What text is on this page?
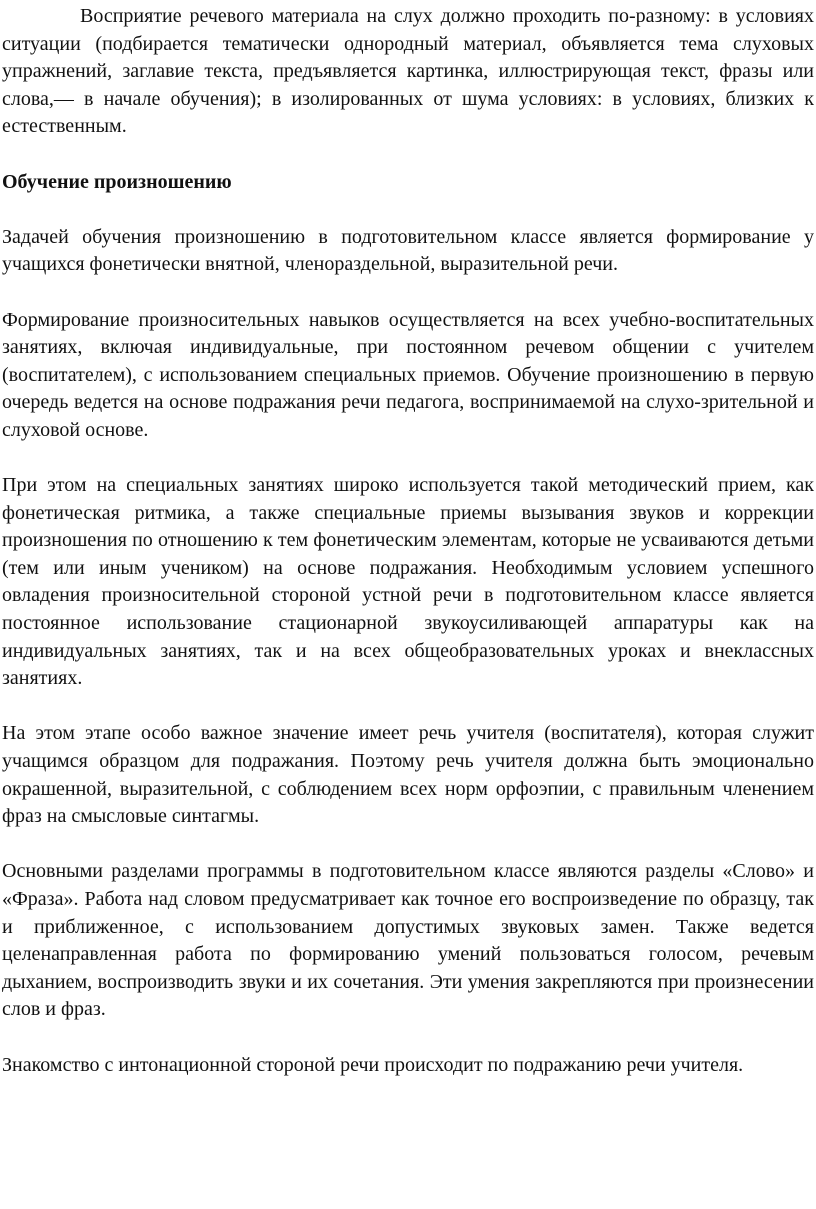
Восприятие речевого материала на слух должно проходить по-разному: в условиях ситуации (подбирается тематически однородный материал, объявляется тема слуховых упражнений, заглавие текста, предъявляется картинка, иллюстрирующая текст, фразы или слова,— в начале обучения); в изолированных от шума условиях: в условиях, близких к естественным.

Обучение произношению

Задачей обучения произношению в подготовительном классе является формирование у учащихся фонетически внятной, членораздельной, выразительной речи.

Формирование произносительных навыков осуществляется на всех учебно-воспитательных занятиях, включая индивидуальные, при постоянном речевом общении с учителем (воспитателем), с использованием специальных приемов. Обучение произношению в первую очередь ведется на основе подражания речи педагога, воспринимаемой на слухо-зрительной и слуховой основе.

При этом на специальных занятиях широко используется такой методический прием, как фонетическая ритмика, а также специальные приемы вызывания звуков и коррекции произношения по отношению к тем фонетическим элементам, которые не усваиваются детьми (тем или иным учеником) на основе подражания. Необходимым условием успешного овладения произносительной стороной устной речи в подготовительном классе является постоянное использование стационарной звукоусиливающей аппаратуры как на индивидуальных занятиях, так и на всех общеобразовательных уроках и внеклассных занятиях.

На этом этапе особо важное значение имеет речь учителя (воспитателя), которая служит учащимся образцом для подражания. Поэтому речь учителя должна быть эмоционально окрашенной, выразительной, с соблюдением всех норм орфоэпии, с правильным членением фраз на смысловые синтагмы.

Основными разделами программы в подготовительном классе являются разделы «Слово» и «Фраза». Работа над словом предусматривает как точное его воспроизведение по образцу, так и приближенное, с использованием допустимых звуковых замен. Также ведется целенаправленная работа по формированию умений пользоваться голосом, речевым дыханием, воспроизводить звуки и их сочетания. Эти умения закрепляются при произнесении слов и фраз.

Знакомство с интонационной стороной речи происходит по подражанию речи учителя.
